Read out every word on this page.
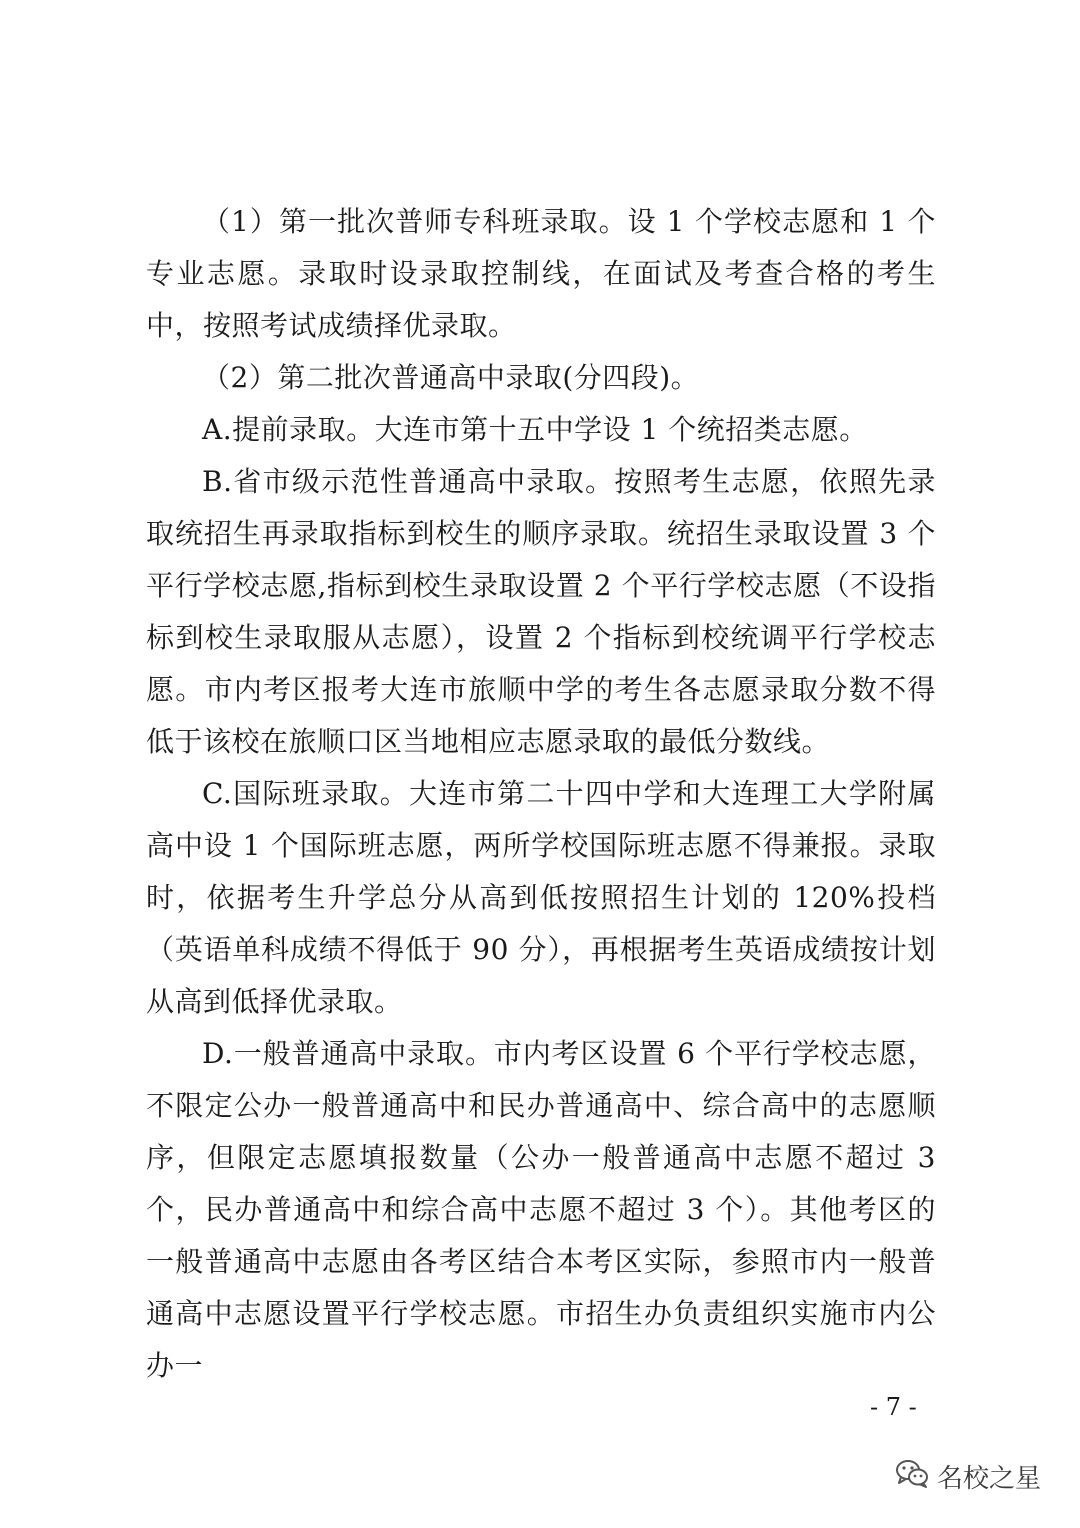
（1）第一批次普师专科班录取。设 1 个学校志愿和 1 个专业志愿。录取时设录取控制线，在面试及考查合格的考生中，按照考试成绩择优录取。

（2）第二批次普通高中录取(分四段)。

A.提前录取。大连市第十五中学设 1 个统招类志愿。

B.省市级示范性普通高中录取。按照考生志愿，依照先录取统招生再录取指标到校生的顺序录取。统招生录取设置 3 个平行学校志愿,指标到校生录取设置 2 个平行学校志愿（不设指标到校生录取服从志愿），设置 2 个指标到校统调平行学校志愿。市内考区报考大连市旅顺中学的考生各志愿录取分数不得低于该校在旅顺口区当地相应志愿录取的最低分数线。

C.国际班录取。大连市第二十四中学和大连理工大学附属高中设 1 个国际班志愿，两所学校国际班志愿不得兼报。录取时，依据考生升学总分从高到低按照招生计划的 120%投档（英语单科成绩不得低于 90 分），再根据考生英语成绩按计划从高到低择优录取。

D.一般普通高中录取。市内考区设置 6 个平行学校志愿，不限定公办一般普通高中和民办普通高中、综合高中的志愿顺序，但限定志愿填报数量（公办一般普通高中志愿不超过 3 个，民办普通高中和综合高中志愿不超过 3 个）。其他考区的一般普通高中志愿由各考区结合本考区实际，参照市内一般普通高中志愿设置平行学校志愿。市招生办负责组织实施市内公办一

- 7 -
名校之星
